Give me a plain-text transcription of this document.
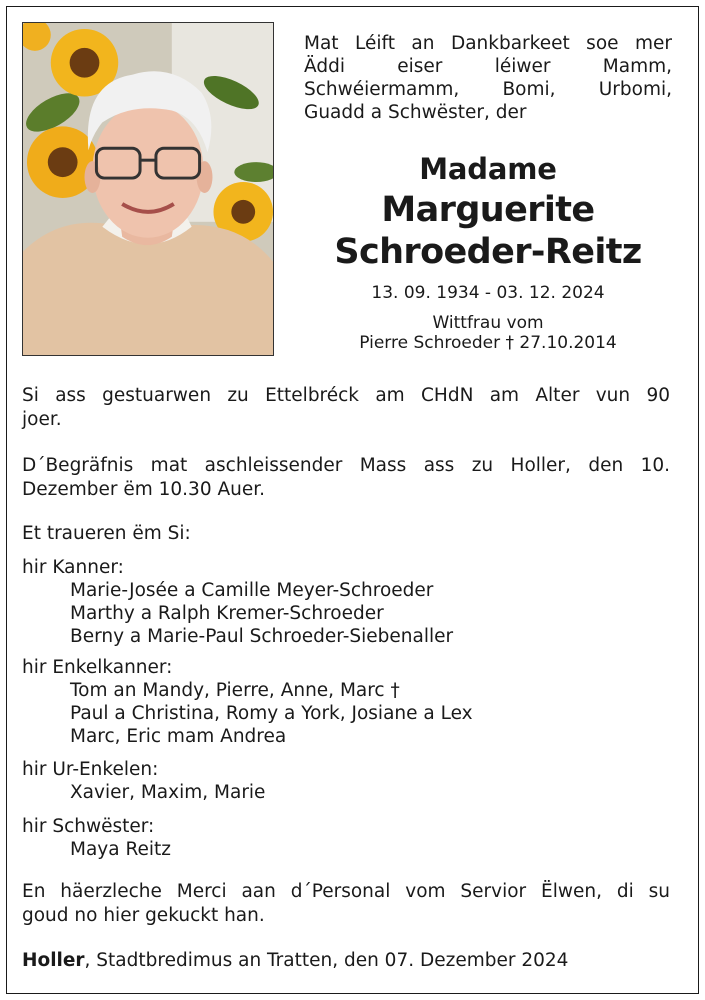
Mat Léift an Dankbarkeet soe mer
Äddi eiser léiwer Mamm,
Schwéiermamm, Bomi, Urbomi,
Guadd a Schwëster, der
Madame
Marguerite
Schroeder-Reitz
13. 09. 1934 - 03. 12. 2024
Wittfrau vom
Pierre Schroeder † 27.10.2014
Si ass gestuarwen zu Ettelbréck am CHdN am Alter vun 90
joer.
D´Begräfnis mat aschleissender Mass ass zu Holler, den 10.
Dezember ëm 10.30 Auer.
Et traueren ëm Si:
hir Kanner:
Marie-Josée a Camille Meyer-Schroeder
Marthy a Ralph Kremer-Schroeder
Berny a Marie-Paul Schroeder-Siebenaller
hir Enkelkanner:
Tom an Mandy, Pierre, Anne, Marc †
Paul a Christina, Romy a York, Josiane a Lex
Marc, Eric mam Andrea
hir Ur-Enkelen:
Xavier, Maxim, Marie
hir Schwëster:
Maya Reitz
En häerzleche Merci aan d´Personal vom Servior Ëlwen, di su
goud no hier gekuckt han.
Holler, Stadtbredimus an Tratten, den 07. Dezember 2024
